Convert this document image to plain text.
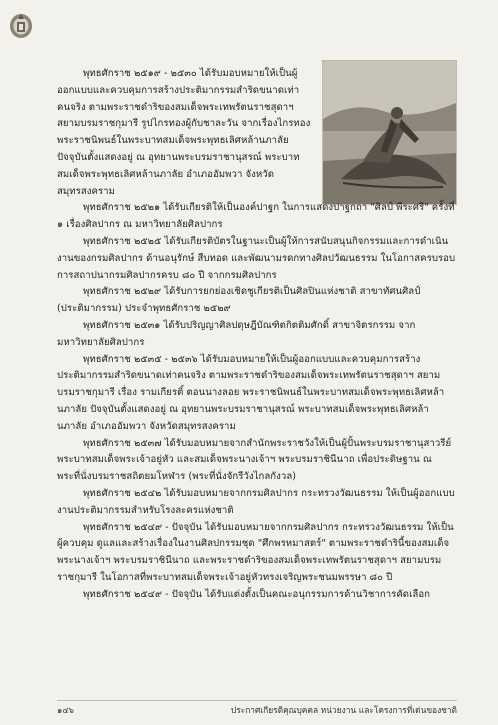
พุทธศักราช ๒๕๑๙ - ๒๕๓๐ ได้รับมอบหมายให้เป็นผู้ออกแบบและควบคุมการสร้างประติมากรรมสำริดขนาดเท่าคนจริง ตามพระราชดำริของสมเด็จพระเทพรัตนราชสุดาฯ สยามบรมราชกุมารี รูปไกรทองผู้กับชาละวัน จากเรื่องไกรทอง พระราชนิพนธ์ในพระบาทสมเด็จพระพุทธเลิศหล้านภาลัย ปัจจุบันตั้งแสดงอยู่ ณ อุทยานพระบรมราชานุสรณ์ พระบาทสมเด็จพระพุทธเลิศหล้านภาลัย อำเภออัมพวา จังหวัดสมุทรสงคราม

พุทธศักราช ๒๕๒๑ ได้รับเกียรติให้เป็นองค์ปาฐก ในการแสดงปาฐกถา "ศิลป์ พีระศรี" ครั้งที่ ๑ เรื่องศิลปากร ณ มหาวิทยาลัยศิลปากร

พุทธศักราช ๒๕๒๕ ได้รับเกียรติบัตรในฐานะเป็นผู้ให้การสนับสนุนกิจกรรมและการดำเนินงานของกรมศิลปากร ด้านอนุรักษ์ สืบทอด และพัฒนามรดกทางศิลปวัฒนธรรม ในโอกาสครบรอบการสถาปนากรมศิลปากรครบ ๘๐ ปี จากกรมศิลปากร

พุทธศักราช ๒๕๒๙ ได้รับการยกย่องเชิดชูเกียรติเป็นศิลปินแห่งชาติ สาขาทัศนศิลป์ (ประติมากรรม) ประจำพุทธศักราช ๒๕๒๙

พุทธศักราช ๒๕๓๑ ได้รับปริญญาศิลปดุษฎีบัณฑิตกิตติมศักดิ์ สาขาจิตรกรรม จากมหาวิทยาลัยศิลปากร

พุทธศักราช ๒๕๓๕ - ๒๕๓๖ ได้รับมอบหมายให้เป็นผู้ออกแบบและควบคุมการสร้างประติมากรรมสำริดขนาดเท่าคนจริง ตามพระราชดำริของสมเด็จพระเทพรัตนราชสุดาฯ สยามบรมราชกุมารี เรื่อง รามเกียรติ์ ตอนนางลอย พระราชนิพนธ์ในพระบาทสมเด็จพระพุทธเลิศหล้านภาลัย ปัจจุบันตั้งแสดงอยู่ ณ อุทยานพระบรมราชานุสรณ์ พระบาทสมเด็จพระพุทธเลิศหล้านภาลัย อำเภออัมพวา จังหวัดสมุทรสงคราม

พุทธศักราช ๒๕๓๗ ได้รับมอบหมายจากสำนักพระราชวังให้เป็นผู้ปั้นพระบรมราชานุสาวรีย์พระบาทสมเด็จพระเจ้าอยู่หัว และสมเด็จพระนางเจ้าฯ พระบรมราชินีนาถ เพื่อประดิษฐาน ณ พระที่นั่งบรมราชสถิตยมโหฬาร (พระที่นั่งจักรีวังไกลกังวล)

พุทธศักราช ๒๕๔๒ ได้รับมอบหมายจากกรมศิลปากร กระทรวงวัฒนธรรม ให้เป็นผู้ออกแบบงานประติมากรรมสำหรับโรงละครแห่งชาติ

พุทธศักราช ๒๕๔๙ - ปัจจุบัน ได้รับมอบหมายจากกรมศิลปากร กระทรวงวัฒนธรรม ให้เป็นผู้ควบคุม ดูแลและสร้างเรื่องในงานศิลปกรรมชุด "ศึกพรหมาสตร์" ตามพระราชดำรินี้ของสมเด็จพระนางเจ้าฯ พระบรมราชินีนาถ และพระราชดำริของสมเด็จพระเทพรัตนราชสุดาฯ สยามบรมราชกุมารี ในโอกาสที่พระบาทสมเด็จพระเจ้าอยู่หัวทรงเจริญพระชนมพรรษา ๘๐ ปี

พุทธศักราช ๒๕๔๙ - ปัจจุบัน ได้รับแต่งตั้งเป็นคณะอนุกรรมการด้านวิชาการคัดเลือก

๑๔๖	ประกาศเกียรติคุณบุคคล หน่วยงาน และโครงการที่เด่นของชาติ
